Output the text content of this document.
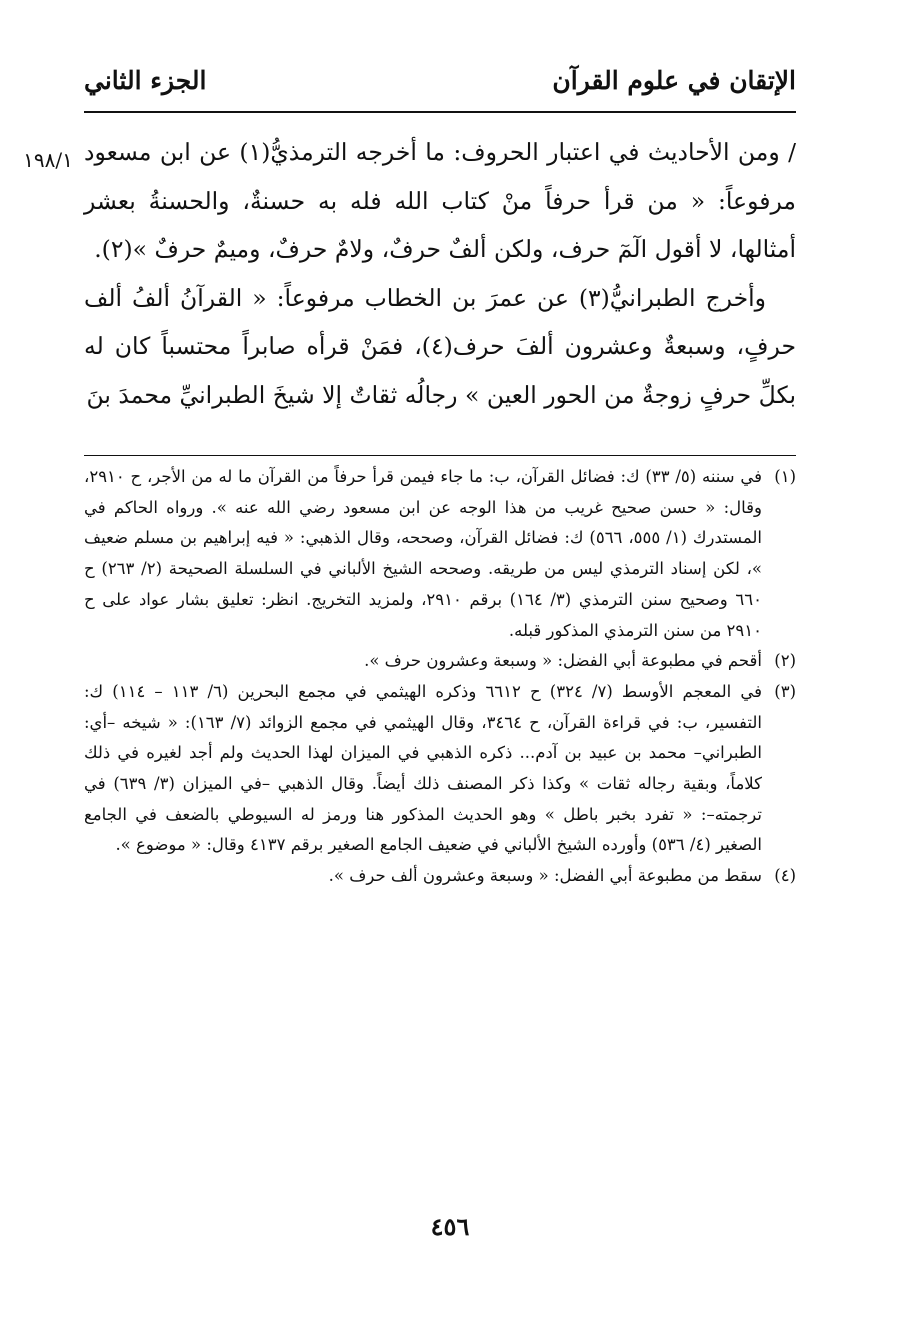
الإتقان في علوم القرآن
الجزء الثاني
١٩٨/١ / ومن الأحاديث في اعتبار الحروف: ما أخرجه الترمذيُّ(١) عن ابن مسعود مرفوعاً: « من قرأ حرفاً منْ كتاب الله فله به حسنةٌ، والحسنةُ بعشر أمثالها، لا أقول الٓمٓ حرف، ولكن ألفٌ حرفٌ، ولامٌ حرفٌ، وميمٌ حرفٌ »(٢).

وأخرج الطبرانيُّ(٣) عن عمرَ بن الخطاب مرفوعاً: « القرآنُ ألفُ ألف حرفٍ، وسبعةٌ وعشرون ألفَ حرف(٤)، فمَنْ قرأه صابراً محتسباً كان له بكلِّ حرفٍ زوجةٌ من الحور العين » رجالُه ثقاتٌ إلا شيخَ الطبرانيِّ محمدَ بنَ

(١)في سننه (٥/ ٣٣) ك: فضائل القرآن، ب: ما جاء فيمن قرأ حرفاً من القرآن ما له من الأجر، ح ٢٩١٠، وقال: « حسن صحيح غريب من هذا الوجه عن ابن مسعود رضي الله عنه ». ورواه الحاكم في المستدرك (١/ ٥٥٥، ٥٦٦) ك: فضائل القرآن، وصححه، وقال الذهبي: « فيه إبراهيم بن مسلم ضعيف »، لكن إسناد الترمذي ليس من طريقه. وصححه الشيخ الألباني في السلسلة الصحيحة (٢/ ٢٦٣) ح ٦٦٠ وصحيح سنن الترمذي (٣/ ١٦٤) برقم ٢٩١٠، ولمزيد التخريج. انظر: تعليق بشار عواد على ح ٢٩١٠ من سنن الترمذي المذكور قبله.

(٢)أقحم في مطبوعة أبي الفضل: « وسبعة وعشرون حرف ».

(٣)في المعجم الأوسط (٧/ ٣٢٤) ح ٦٦١٢ وذكره الهيثمي في مجمع البحرين (٦/ ١١٣ – ١١٤) ك: التفسير، ب: في قراءة القرآن، ح ٣٤٦٤، وقال الهيثمي في مجمع الزوائد (٧/ ١٦٣): « شيخه –أي: الطبراني– محمد بن عبيد بن آدم... ذكره الذهبي في الميزان لهذا الحديث ولم أجد لغيره في ذلك كلاماً، وبقية رجاله ثقات » وكذا ذكر المصنف ذلك أيضاً. وقال الذهبي –في الميزان (٣/ ٦٣٩) في ترجمته–: « تفرد بخبر باطل » وهو الحديث المذكور هنا ورمز له السيوطي بالضعف في الجامع الصغير (٤/ ٥٣٦) وأورده الشيخ الألباني في ضعيف الجامع الصغير برقم ٤١٣٧ وقال: « موضوع ».

(٤)سقط من مطبوعة أبي الفضل: « وسبعة وعشرون ألف حرف ».

٤٥٦
